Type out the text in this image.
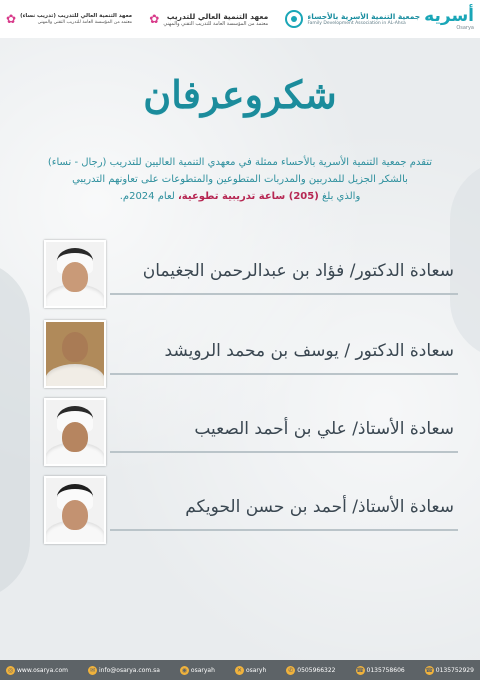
أسريه
Osarya
جمعية التنمية الأسرية بالأحساء
Family Development Association in AL-Ahsa
معهد التنمية العالي للتدريب
معتمد من المؤسسة العامة للتدريب التقني والمهني
✿
معهد التنمية العالي للتدريب (تدريب نساء)
معتمد من المؤسسة العامة للتدريب التقني والمهني
✿
شكروعرفان
تتقدم جمعية التنمية الأسرية بالأحساء ممثلة في معهدي التنمية العاليين للتدريب (رجال - نساء)
بالشكر الجزيل للمدربين والمدربات المتطوعين والمتطوعات على تعاونهم التدريبي
والذي بلغ (205) ساعة تدريبية تطوعية، لعام 2024م.
سعادة الدكتور/ فؤاد بن عبدالرحمن الجغيمان
سعادة الدكتور / يوسف بن محمد الرويشد
سعادة الأستاذ/ علي بن أحمد الصعيب
سعادة الأستاذ/ أحمد بن حسن الحويكم
◎ www.osarya.com	✉ info@osarya.com.sa	◉ osaryah	✕ osaryh	✆ 0505966322	☎ 0135758606	☎ 0135752929
